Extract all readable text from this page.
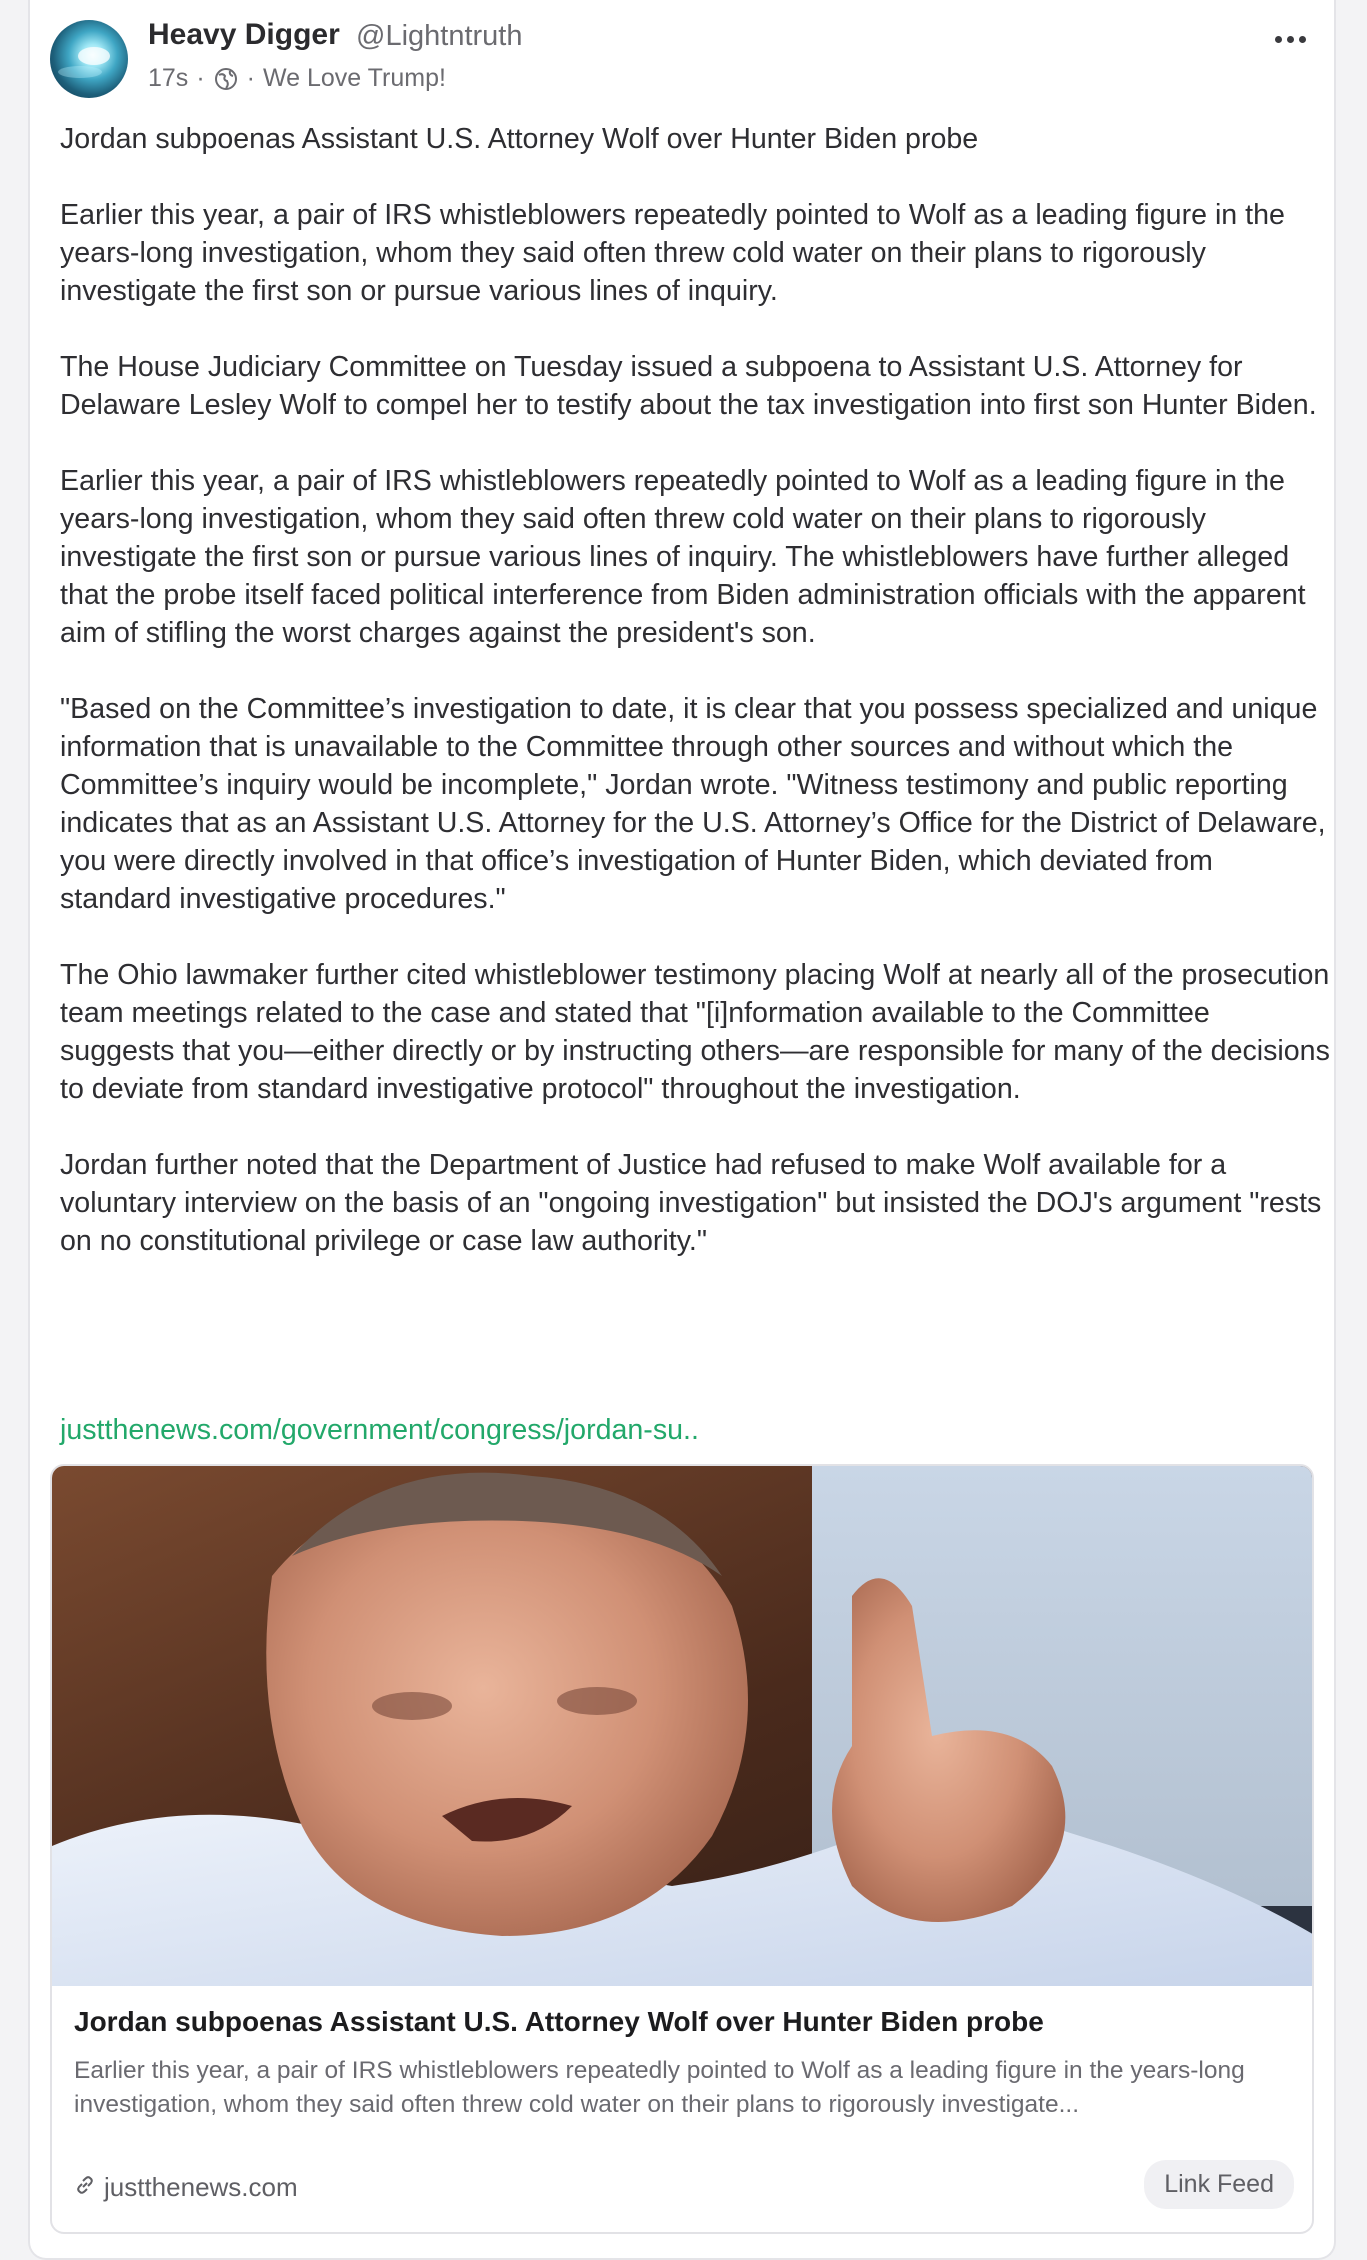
Heavy Digger @Lightntruth
17s · · We Love Trump!

Jordan subpoenas Assistant U.S. Attorney Wolf over Hunter Biden probe

Earlier this year, a pair of IRS whistleblowers repeatedly pointed to Wolf as a leading figure in the years-long investigation, whom they said often threw cold water on their plans to rigorously investigate the first son or pursue various lines of inquiry.

The House Judiciary Committee on Tuesday issued a subpoena to Assistant U.S. Attorney for Delaware Lesley Wolf to compel her to testify about the tax investigation into first son Hunter Biden.

Earlier this year, a pair of IRS whistleblowers repeatedly pointed to Wolf as a leading figure in the years-long investigation, whom they said often threw cold water on their plans to rigorously investigate the first son or pursue various lines of inquiry. The whistleblowers have further alleged that the probe itself faced political interference from Biden administration officials with the apparent aim of stifling the worst charges against the president's son.

"Based on the Committee’s investigation to date, it is clear that you possess specialized and unique information that is unavailable to the Committee through other sources and without which the Committee’s inquiry would be incomplete," Jordan wrote. "Witness testimony and public reporting indicates that as an Assistant U.S. Attorney for the U.S. Attorney’s Office for the District of Delaware, you were directly involved in that office’s investigation of Hunter Biden, which deviated from standard investigative procedures."

The Ohio lawmaker further cited whistleblower testimony placing Wolf at nearly all of the prosecution team meetings related to the case and stated that "[i]nformation available to the Committee suggests that you—either directly or by instructing others—are responsible for many of the decisions to deviate from standard investigative protocol" throughout the investigation.

Jordan further noted that the Department of Justice had refused to make Wolf available for a voluntary interview on the basis of an "ongoing investigation" but insisted the DOJ's argument "rests on no constitutional privilege or case law authority."

justthenews.com/government/congress/jordan-su..
Jordan subpoenas Assistant U.S. Attorney Wolf over Hunter Biden probe
Earlier this year, a pair of IRS whistleblowers repeatedly pointed to Wolf as a leading figure in the years-long investigation, whom they said often threw cold water on their plans to rigorously investigate...
justthenews.com	Link Feed
